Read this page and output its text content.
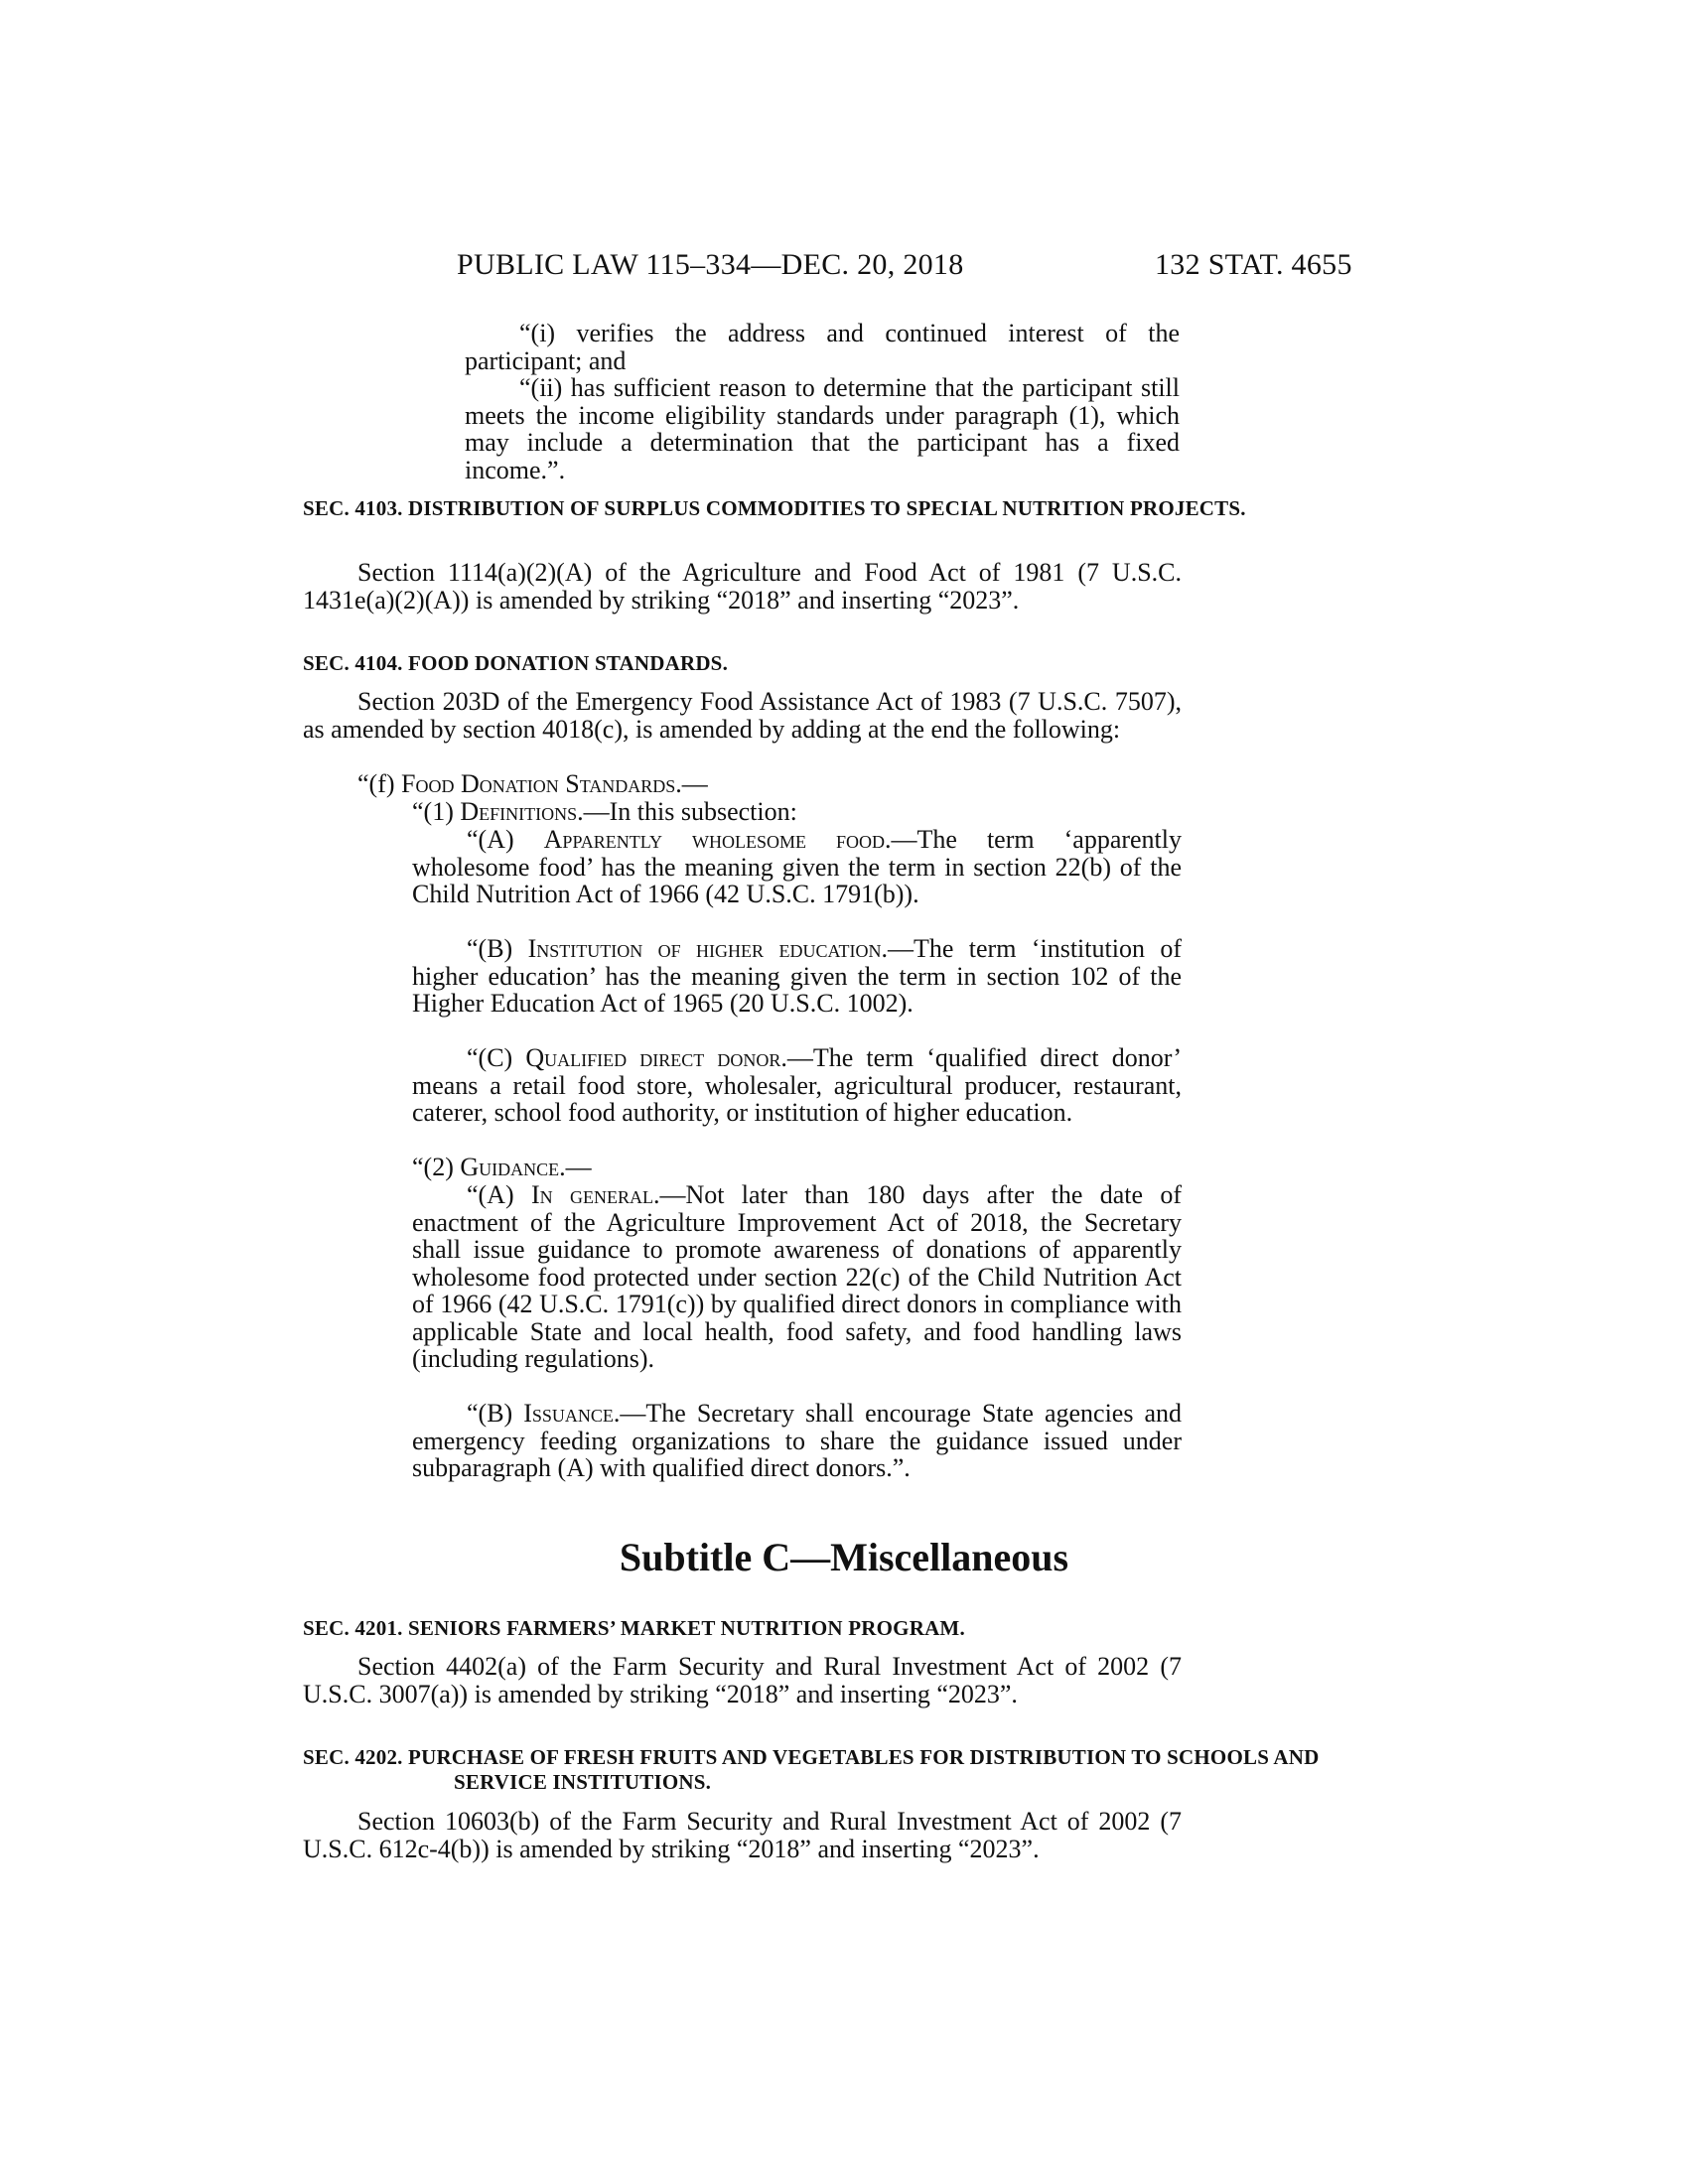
PUBLIC LAW 115–334—DEC. 20, 2018	132 STAT. 4655

“(i) verifies the address and continued interest of the participant; and

“(ii) has sufficient reason to determine that the participant still meets the income eligibility standards under paragraph (1), which may include a determination that the participant has a fixed income.”.

SEC. 4103. DISTRIBUTION OF SURPLUS COMMODITIES TO SPECIAL NUTRITION PROJECTS.

Section 1114(a)(2)(A) of the Agriculture and Food Act of 1981 (7 U.S.C. 1431e(a)(2)(A)) is amended by striking “2018” and inserting “2023”.

SEC. 4104. FOOD DONATION STANDARDS.

Section 203D of the Emergency Food Assistance Act of 1983 (7 U.S.C. 7507), as amended by section 4018(c), is amended by adding at the end the following:

“(f) Food Donation Standards.—

“(1) Definitions.—In this subsection:

“(A) Apparently wholesome food.—The term ‘apparently wholesome food’ has the meaning given the term in section 22(b) of the Child Nutrition Act of 1966 (42 U.S.C. 1791(b)).

“(B) Institution of higher education.—The term ‘institution of higher education’ has the meaning given the term in section 102 of the Higher Education Act of 1965 (20 U.S.C. 1002).

“(C) Qualified direct donor.—The term ‘qualified direct donor’ means a retail food store, wholesaler, agricultural producer, restaurant, caterer, school food authority, or institution of higher education.

“(2) Guidance.—

“(A) In general.—Not later than 180 days after the date of enactment of the Agriculture Improvement Act of 2018, the Secretary shall issue guidance to promote awareness of donations of apparently wholesome food protected under section 22(c) of the Child Nutrition Act of 1966 (42 U.S.C. 1791(c)) by qualified direct donors in compliance with applicable State and local health, food safety, and food handling laws (including regulations).

“(B) Issuance.—The Secretary shall encourage State agencies and emergency feeding organizations to share the guidance issued under subparagraph (A) with qualified direct donors.”.

Subtitle C—Miscellaneous

SEC. 4201. SENIORS FARMERS’ MARKET NUTRITION PROGRAM.

Section 4402(a) of the Farm Security and Rural Investment Act of 2002 (7 U.S.C. 3007(a)) is amended by striking “2018” and inserting “2023”.

SEC. 4202. PURCHASE OF FRESH FRUITS AND VEGETABLES FOR DISTRIBUTION TO SCHOOLS AND SERVICE INSTITUTIONS.

Section 10603(b) of the Farm Security and Rural Investment Act of 2002 (7 U.S.C. 612c-4(b)) is amended by striking “2018” and inserting “2023”.
